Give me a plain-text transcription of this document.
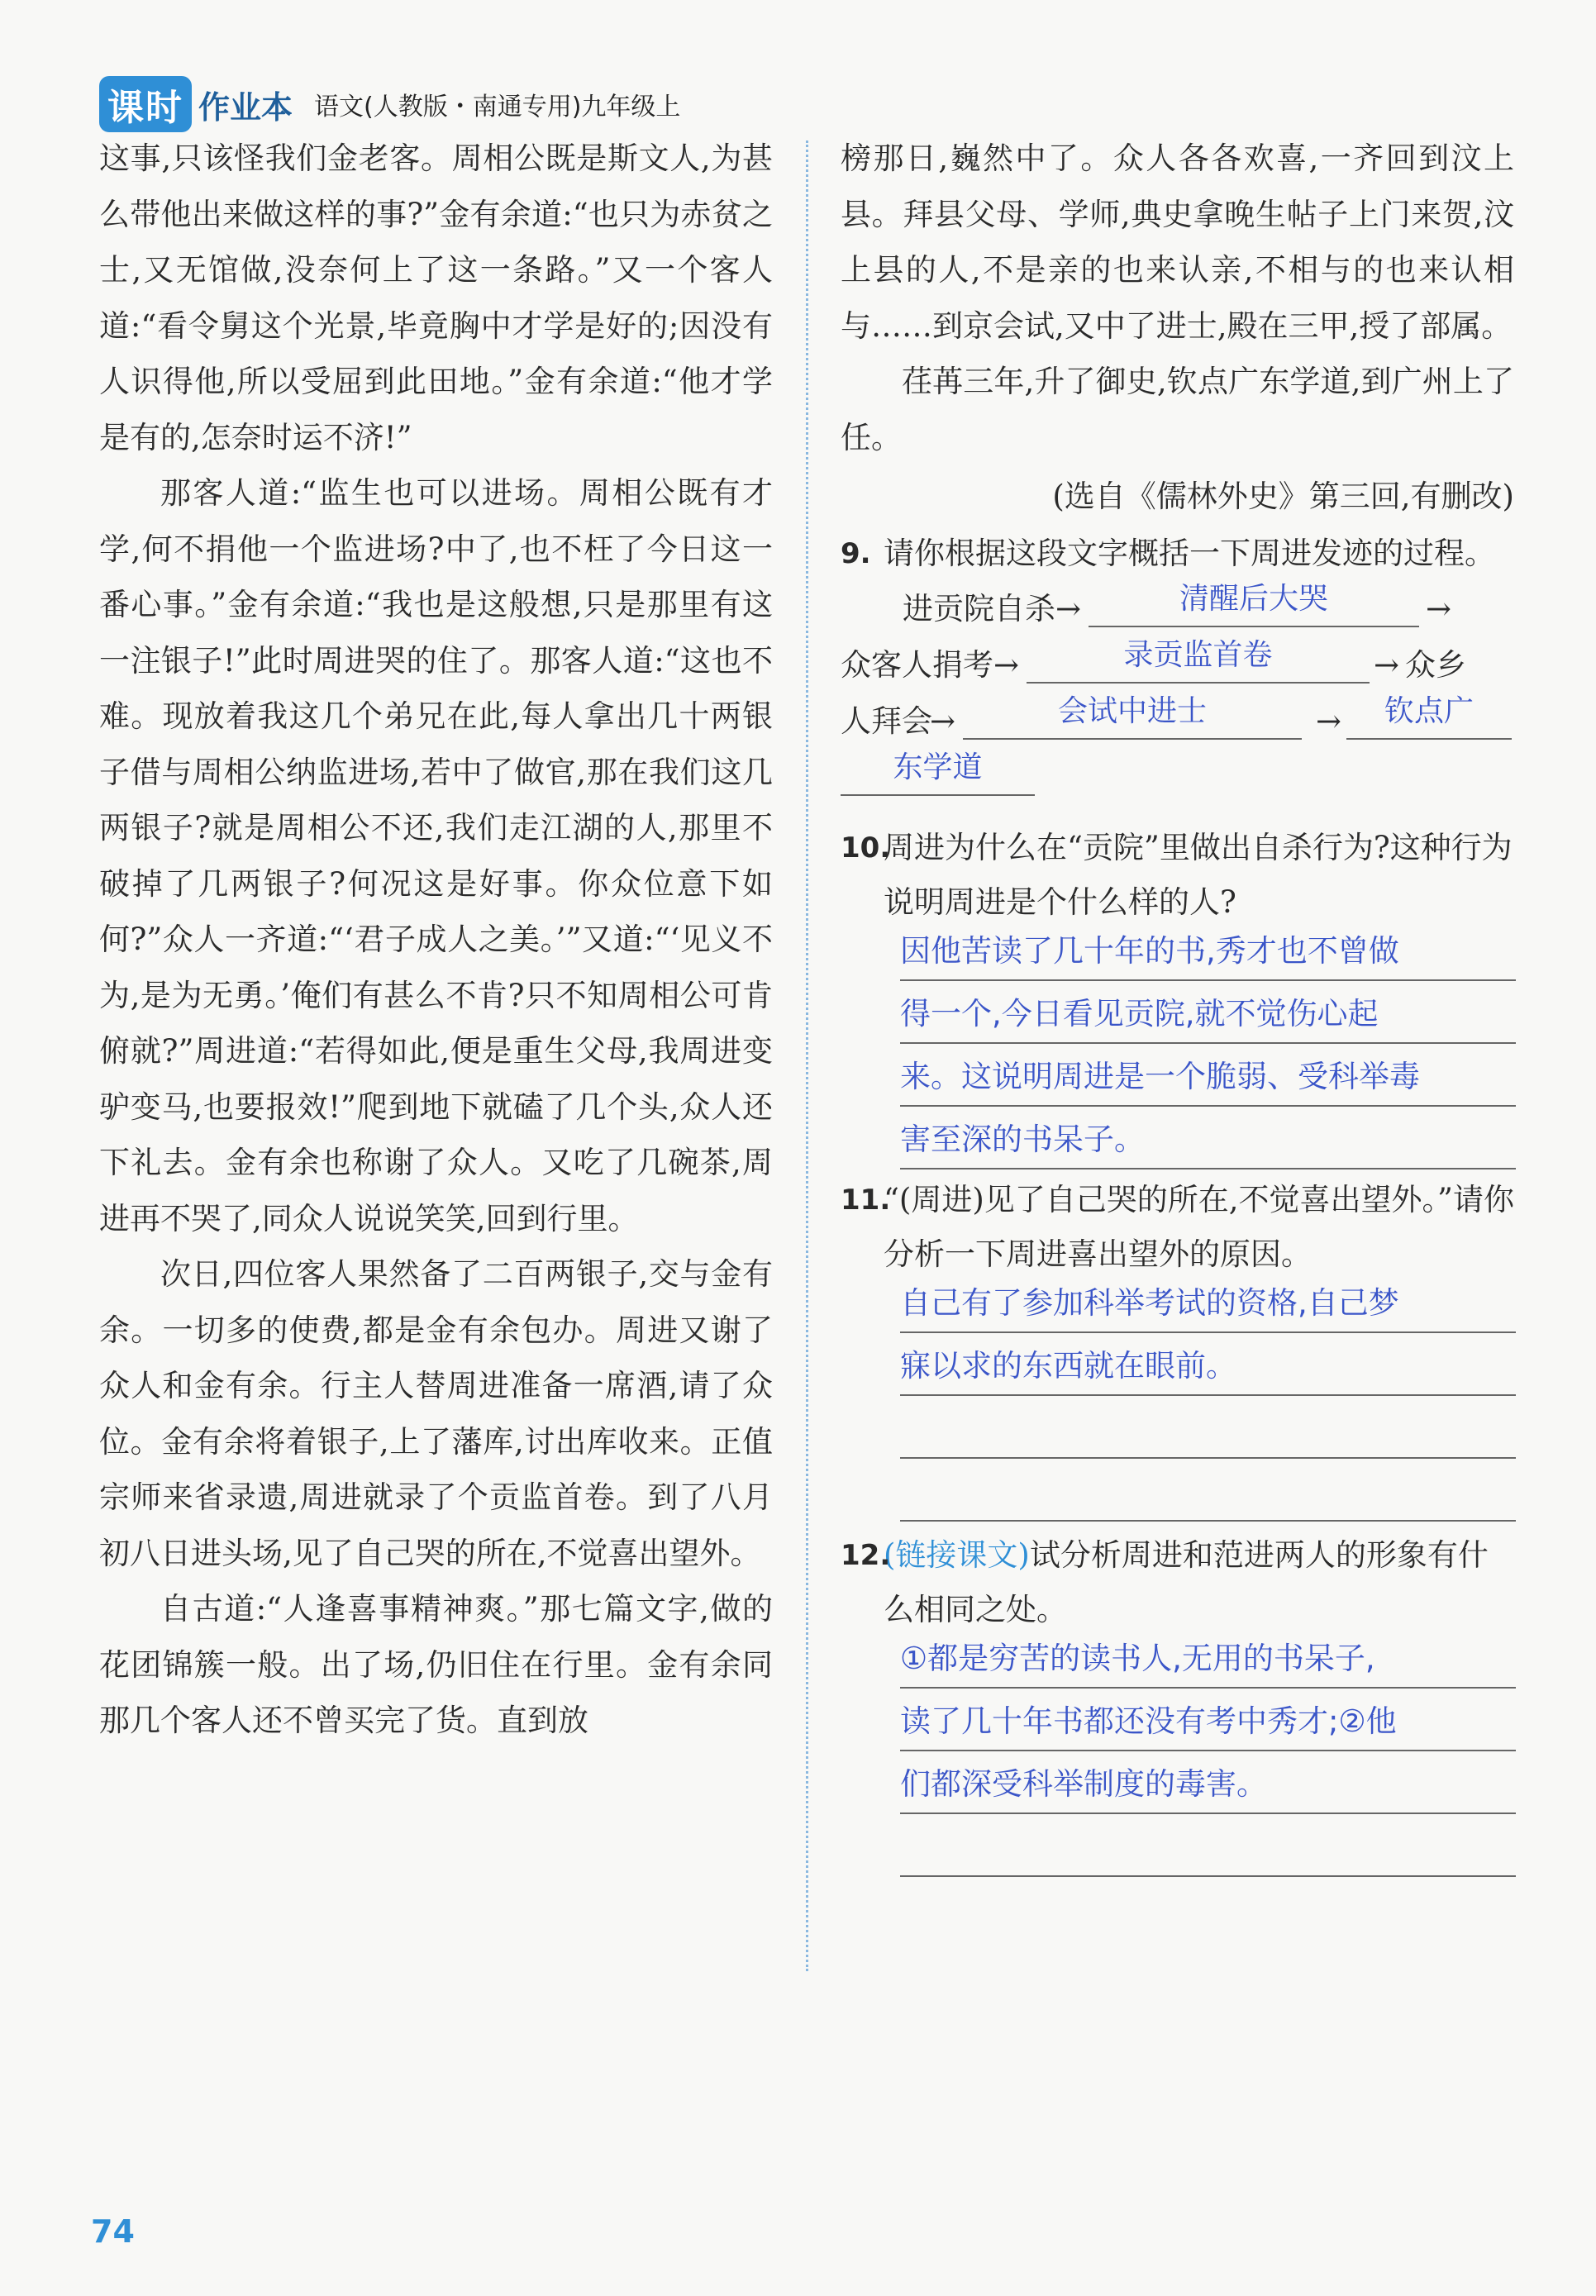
课时 作业本 语文(人教版・南通专用)九年级上

这事,只该怪我们金老客。周相公既是斯文人,为甚么带他出来做这样的事?”金有余道:“也只为赤贫之士,又无馆做,没奈何上了这一条路。”又一个客人道:“看令舅这个光景,毕竟胸中才学是好的;因没有人识得他,所以受屈到此田地。”金有余道:“他才学是有的,怎奈时运不济!”

那客人道:“监生也可以进场。周相公既有才学,何不捐他一个监进场?中了,也不枉了今日这一番心事。”金有余道:“我也是这般想,只是那里有这一注银子!”此时周进哭的住了。那客人道:“这也不难。现放着我这几个弟兄在此,每人拿出几十两银子借与周相公纳监进场,若中了做官,那在我们这几两银子?就是周相公不还,我们走江湖的人,那里不破掉了几两银子?何况这是好事。你众位意下如何?”众人一齐道:“‘君子成人之美。’”又道:“‘见义不为,是为无勇。’俺们有甚么不肯?只不知周相公可肯俯就?”周进道:“若得如此,便是重生父母,我周进变驴变马,也要报效!”爬到地下就磕了几个头,众人还下礼去。金有余也称谢了众人。又吃了几碗茶,周进再不哭了,同众人说说笑笑,回到行里。

次日,四位客人果然备了二百两银子,交与金有余。一切多的使费,都是金有余包办。周进又谢了众人和金有余。行主人替周进准备一席酒,请了众位。金有余将着银子,上了藩库,讨出库收来。正值宗师来省录遗,周进就录了个贡监首卷。到了八月初八日进头场,见了自己哭的所在,不觉喜出望外。

自古道:“人逢喜事精神爽。”那七篇文字,做的花团锦簇一般。出了场,仍旧住在行里。金有余同那几个客人还不曾买完了货。直到放

榜那日,巍然中了。众人各各欢喜,一齐回到汶上县。拜县父母、学师,典史拿晚生帖子上门来贺,汶上县的人,不是亲的也来认亲,不相与的也来认相与……到京会试,又中了进士,殿在三甲,授了部属。

荏苒三年,升了御史,钦点广东学道,到广州上了任。

(选自《儒林外史》第三回,有删改)

9. 请你根据这段文字概括一下周进发迹的过程。
进贡院自杀 →	清醒后大哭	→
众客人捐考 →	录贡监首卷	→ 众乡
人拜会
→	会试中进士	→	钦点广
东学道
10.
周进为什么在“贡院”里做出自杀行为?这种行为说明周进是个什么样的人?
因他苦读了几十年的书,秀才也不曾做
得一个,今日看见贡院,就不觉伤心起
来。这说明周进是一个脆弱、受科举毒
害至深的书呆子。
11.
“(周进)见了自己哭的所在,不觉喜出望外。”请你分析一下周进喜出望外的原因。
自己有了参加科举考试的资格,自己梦
寐以求的东西就在眼前。
12.
(链接课文)试分析周进和范进两人的形象有什么相同之处。
①都是穷苦的读书人,无用的书呆子,
读了几十年书都还没有考中秀才;②他
们都深受科举制度的毒害。
74
